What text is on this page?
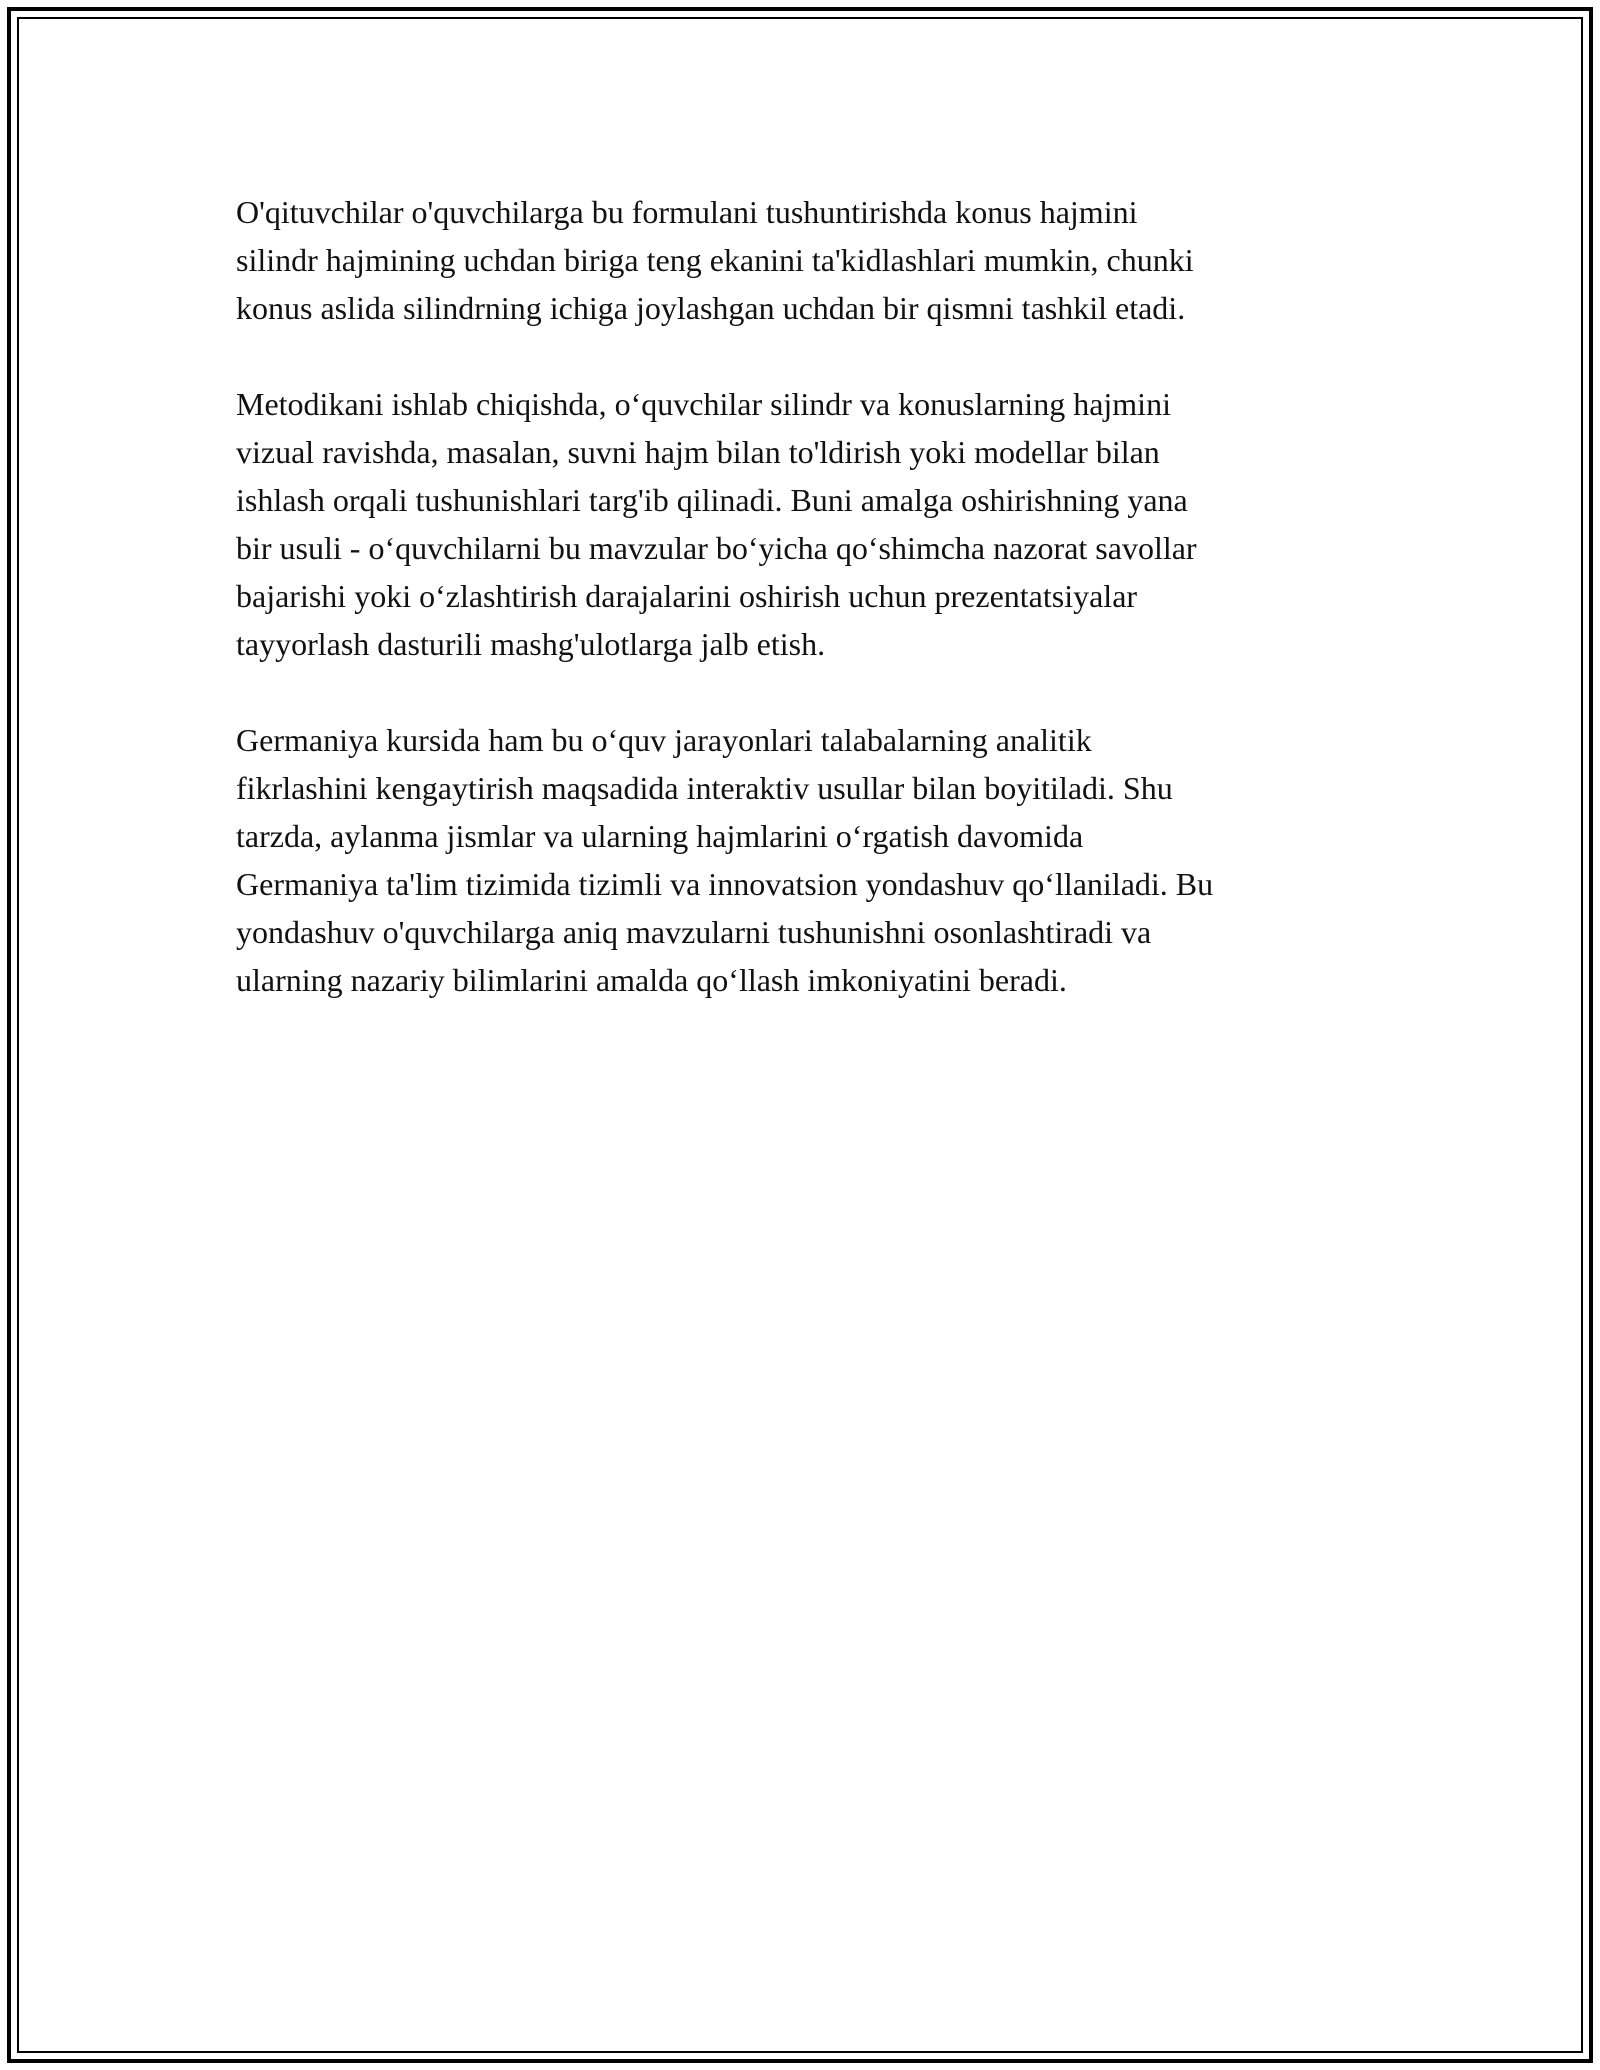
O'qituvchilar o'quvchilarga bu formulani tushuntirishda konus hajmini
silindr hajmining uchdan biriga teng ekanini ta'kidlashlari mumkin, chunki
konus aslida silindrning ichiga joylashgan uchdan bir qismni tashkil etadi.

Metodikani ishlab chiqishda, o‘quvchilar silindr va konuslarning hajmini
vizual ravishda, masalan, suvni hajm bilan to'ldirish yoki modellar bilan
ishlash orqali tushunishlari targ'ib qilinadi. Buni amalga oshirishning yana
bir usuli - o‘quvchilarni bu mavzular bo‘yicha qo‘shimcha nazorat savollar
bajarishi yoki o‘zlashtirish darajalarini oshirish uchun prezentatsiyalar
tayyorlash dasturili mashg'ulotlarga jalb etish.

Germaniya kursida ham bu o‘quv jarayonlari talabalarning analitik
fikrlashini kengaytirish maqsadida interaktiv usullar bilan boyitiladi. Shu
tarzda, aylanma jismlar va ularning hajmlarini o‘rgatish davomida
Germaniya ta'lim tizimida tizimli va innovatsion yondashuv qo‘llaniladi. Bu
yondashuv o'quvchilarga aniq mavzularni tushunishni osonlashtiradi va
ularning nazariy bilimlarini amalda qo‘llash imkoniyatini beradi.
